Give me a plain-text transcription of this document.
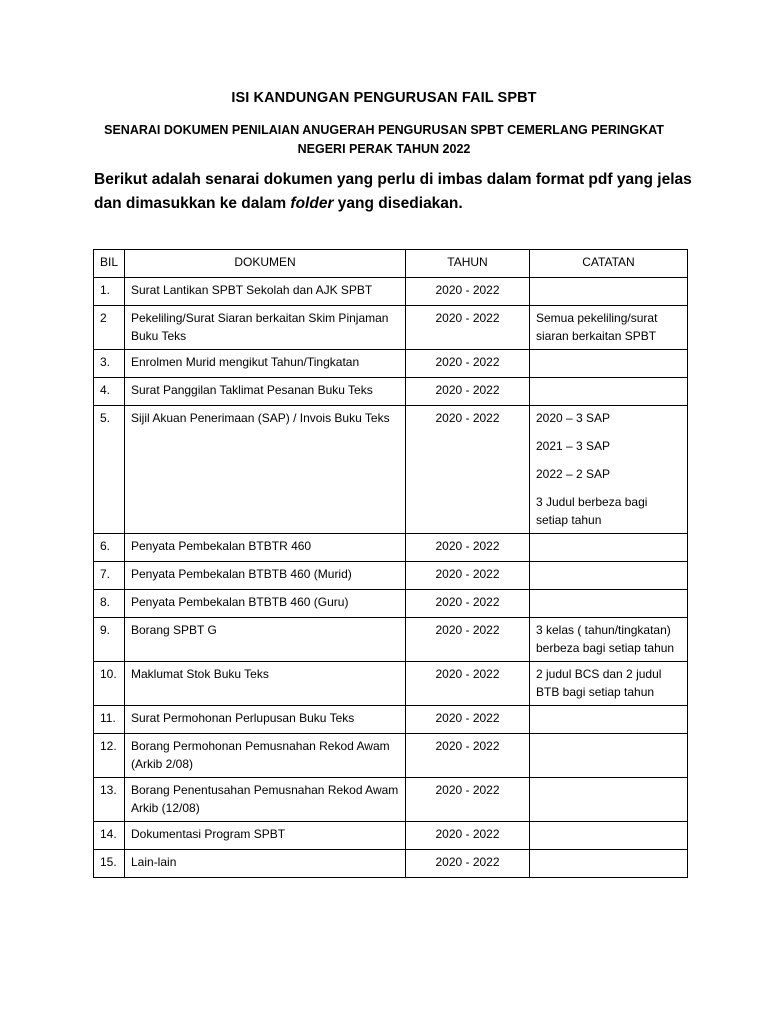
ISI KANDUNGAN PENGURUSAN FAIL SPBT
SENARAI DOKUMEN PENILAIAN ANUGERAH PENGURUSAN SPBT CEMERLANG PERINGKAT
NEGERI PERAK TAHUN 2022
Berikut adalah senarai dokumen yang perlu di imbas dalam format pdf yang jelas dan dimasukkan ke dalam folder yang disediakan.
BIL	DOKUMEN	TAHUN	CATATAN
1.	Surat Lantikan SPBT Sekolah dan AJK SPBT	2020 - 2022	
2	Pekeliling/Surat Siaran berkaitan Skim Pinjaman Buku Teks	2020 - 2022	Semua pekeliling/surat siaran berkaitan SPBT

3.	Enrolmen Murid mengikut Tahun/Tingkatan	2020 - 2022	
4.	Surat Panggilan Taklimat Pesanan Buku Teks	2020 - 2022	
5.	Sijil Akuan Penerimaan (SAP) / Invois Buku Teks	2020 - 2022	2020 – 3 SAP

2021 – 3 SAP

2022 – 2 SAP

3 Judul berbeza bagi setiap tahun

6.	Penyata Pembekalan BTBTR 460	2020 - 2022	
7.	Penyata Pembekalan BTBTB 460 (Murid)	2020 - 2022	
8.	Penyata Pembekalan BTBTB 460 (Guru)	2020 - 2022	
9.	Borang SPBT G	2020 - 2022	3 kelas ( tahun/tingkatan) berbeza bagi setiap tahun

10.	Maklumat Stok Buku Teks	2020 - 2022	2 judul BCS dan 2 judul BTB bagi setiap tahun

11.	Surat Permohonan Perlupusan Buku Teks	2020 - 2022	
12.	Borang Permohonan Pemusnahan Rekod Awam (Arkib 2/08)	2020 - 2022	
13.	Borang Penentusahan Pemusnahan Rekod Awam Arkib (12/08)	2020 - 2022	
14.	Dokumentasi Program SPBT	2020 - 2022	
15.	Lain-lain	2020 - 2022	
